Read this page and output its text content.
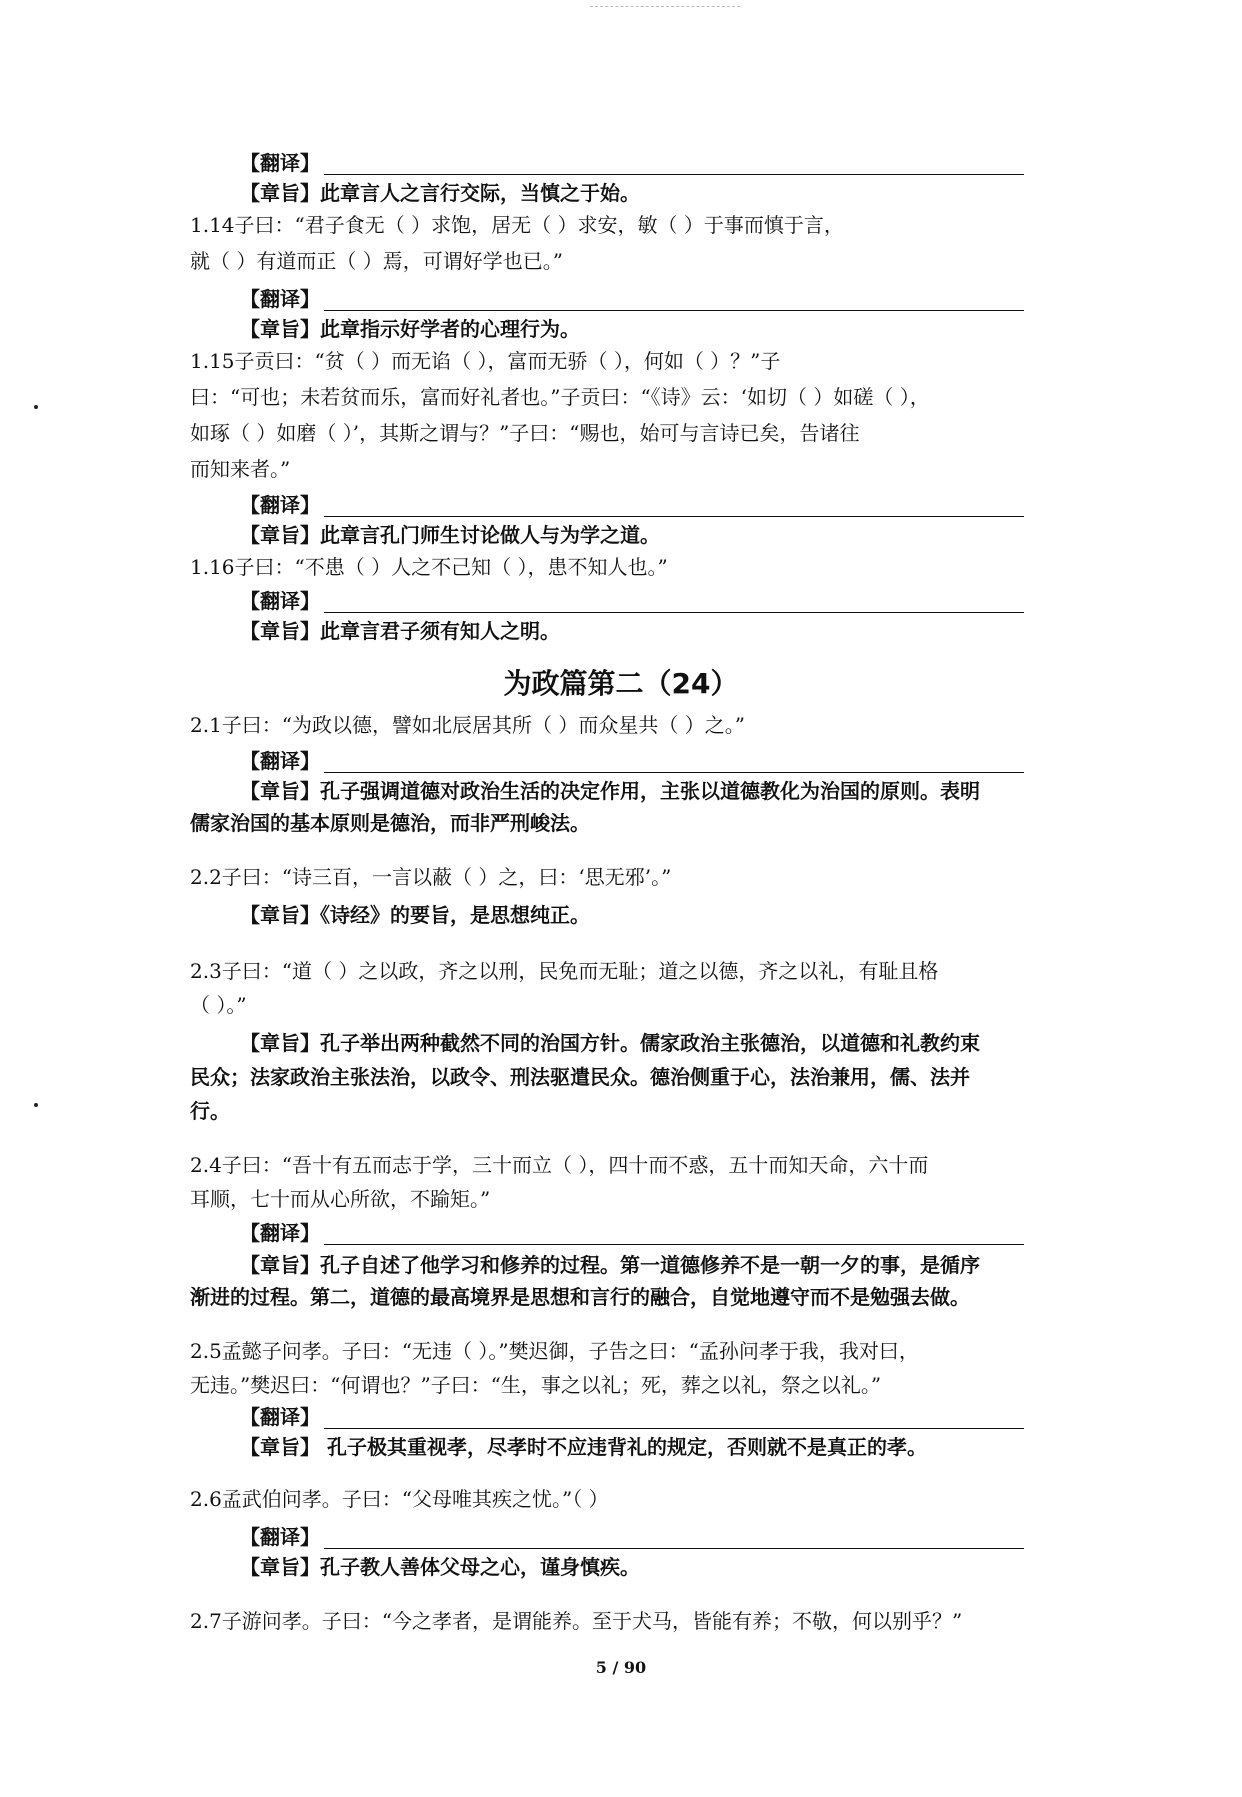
【翻译】
【章旨】此章言人之言行交际，当慎之于始。
1.14子曰：“君子食无（ ）求饱，居无（ ）求安，敏（ ）于事而慎于言，
就（ ）有道而正（ ）焉，可谓好学也已。”
【翻译】
【章旨】此章指示好学者的心理行为。
1.15子贡曰：“贫（ ）而无谄（ ），富而无骄（ ），何如（ ）？”子
曰：“可也；未若贫而乐，富而好礼者也。”子贡曰：“《诗》云：‘如切（ ）如磋（ ），
如琢（ ）如磨（ ）’，其斯之谓与？”子曰：“赐也，始可与言诗已矣，告诸往
而知来者。”
【翻译】
【章旨】此章言孔门师生讨论做人与为学之道。
1.16子曰：“不患（ ）人之不己知（ ），患不知人也。”
【翻译】
【章旨】此章言君子须有知人之明。
为政篇第二（24）
2.1子曰：“为政以德，譬如北辰居其所（ ）而众星共（ ）之。”
【翻译】
【章旨】孔子强调道德对政治生活的决定作用，主张以道德教化为治国的原则。表明
儒家治国的基本原则是德治，而非严刑峻法。
2.2子曰：“诗三百，一言以蔽（ ）之，曰：‘思无邪’。”
【章旨】《诗经》的要旨，是思想纯正。
2.3子曰：“道（ ）之以政，齐之以刑，民免而无耻；道之以德，齐之以礼，有耻且格
（ ）。”
【章旨】孔子举出两种截然不同的治国方针。儒家政治主张德治，以道德和礼教约束
民众；法家政治主张法治，以政令、刑法驱遣民众。德治侧重于心，法治兼用，儒、法并
行。
2.4子曰：“吾十有五而志于学，三十而立（ ），四十而不惑，五十而知天命，六十而
耳顺，七十而从心所欲，不踰矩。”
【翻译】
【章旨】孔子自述了他学习和修养的过程。第一道德修养不是一朝一夕的事，是循序
渐进的过程。第二，道德的最高境界是思想和言行的融合，自觉地遵守而不是勉强去做。
2.5孟懿子问孝。子曰：“无违（ ）。”樊迟御，子告之曰：“孟孙问孝于我，我对曰，
无违。”樊迟曰：“何谓也？”子曰：“生，事之以礼；死，葬之以礼，祭之以礼。”
【翻译】
【章旨】 孔子极其重视孝，尽孝时不应违背礼的规定，否则就不是真正的孝。
2.6孟武伯问孝。子曰：“父母唯其疾之忧。”（ ）
【翻译】
【章旨】孔子教人善体父母之心，谨身慎疾。
2.7子游问孝。子曰：“今之孝者，是谓能养。至于犬马，皆能有养；不敬，何以别乎？”
5 / 90
